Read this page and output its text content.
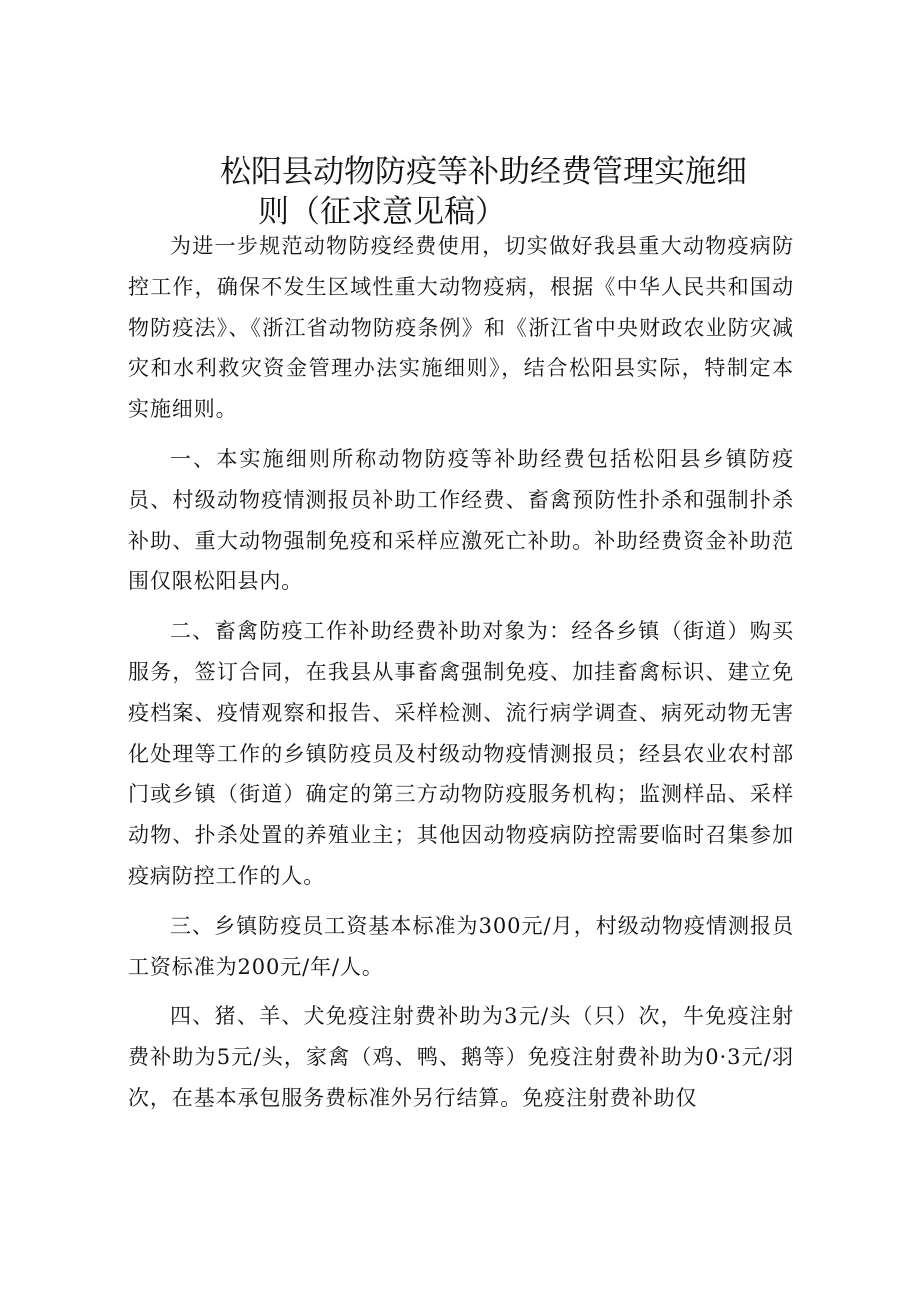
松阳县动物防疫等补助经费管理实施细
则（征求意见稿）

为进一步规范动物防疫经费使用，切实做好我县重大动物疫病防控工作，确保不发生区域性重大动物疫病，根据《中华人民共和国动物防疫法》、《浙江省动物防疫条例》和《浙江省中央财政农业防灾减灾和水利救灾资金管理办法实施细则》，结合松阳县实际，特制定本实施细则。

一、本实施细则所称动物防疫等补助经费包括松阳县乡镇防疫员、村级动物疫情测报员补助工作经费、畜禽预防性扑杀和强制扑杀补助、重大动物强制免疫和采样应激死亡补助。补助经费资金补助范围仅限松阳县内。

二、畜禽防疫工作补助经费补助对象为：经各乡镇（街道）购买服务，签订合同，在我县从事畜禽强制免疫、加挂畜禽标识、建立免疫档案、疫情观察和报告、采样检测、流行病学调查、病死动物无害化处理等工作的乡镇防疫员及村级动物疫情测报员；经县农业农村部门或乡镇（街道）确定的第三方动物防疫服务机构；监测样品、采样动物、扑杀处置的养殖业主；其他因动物疫病防控需要临时召集参加疫病防控工作的人。

三、乡镇防疫员工资基本标准为300元/月，村级动物疫情测报员工资标准为200元/年/人。

四、猪、羊、犬免疫注射费补助为3元/头（只）次，牛免疫注射费补助为5元/头，家禽（鸡、鸭、鹅等）免疫注射费补助为0·3元/羽次，在基本承包服务费标准外另行结算。免疫注射费补助仅
